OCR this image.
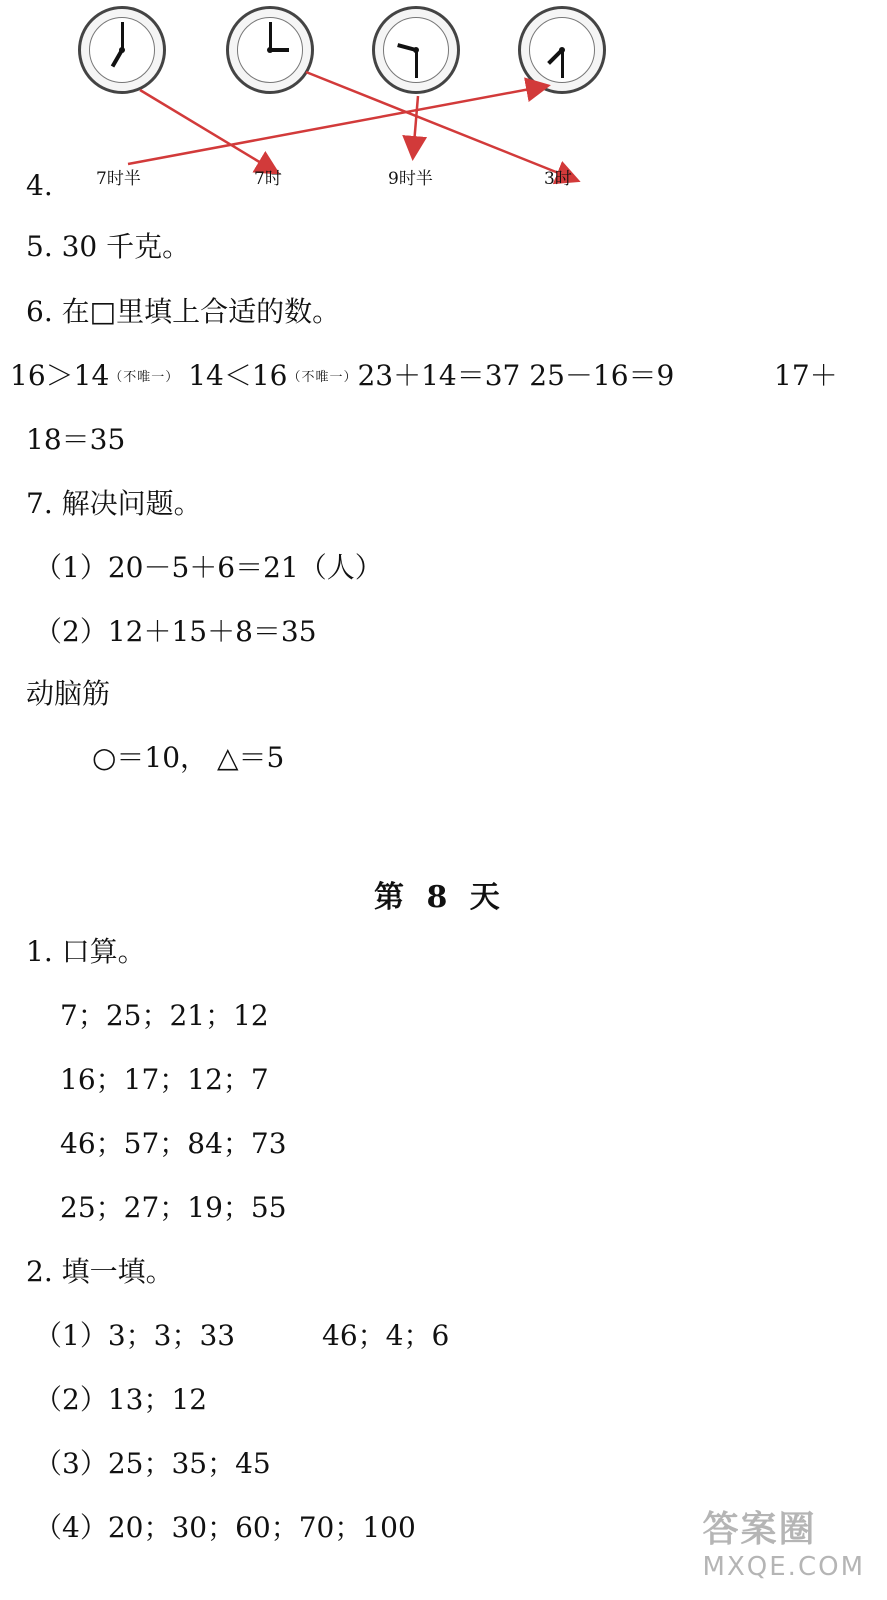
7时半	7时	9时半	3时
4.
5. 30 千克。
6. 在□里填上合适的数。
16＞14（不唯一） 14＜16（不唯一）23＋14＝37 25－16＝9	17＋
18＝35
7. 解决问题。
（1）20－5＋6＝21（人）
（2）12＋15＋8＝35
动脑筋
○＝10， △＝5
第 8 天
1. 口算。
7；25；21；12
16；17；12；7
46；57；84；73
25；27；19；55
2. 填一填。
（1）3；3；33	46；4；6
（2）13；12
（3）25；35；45
（4）20；30；60；70；100	答案圈
MXQE.COM
